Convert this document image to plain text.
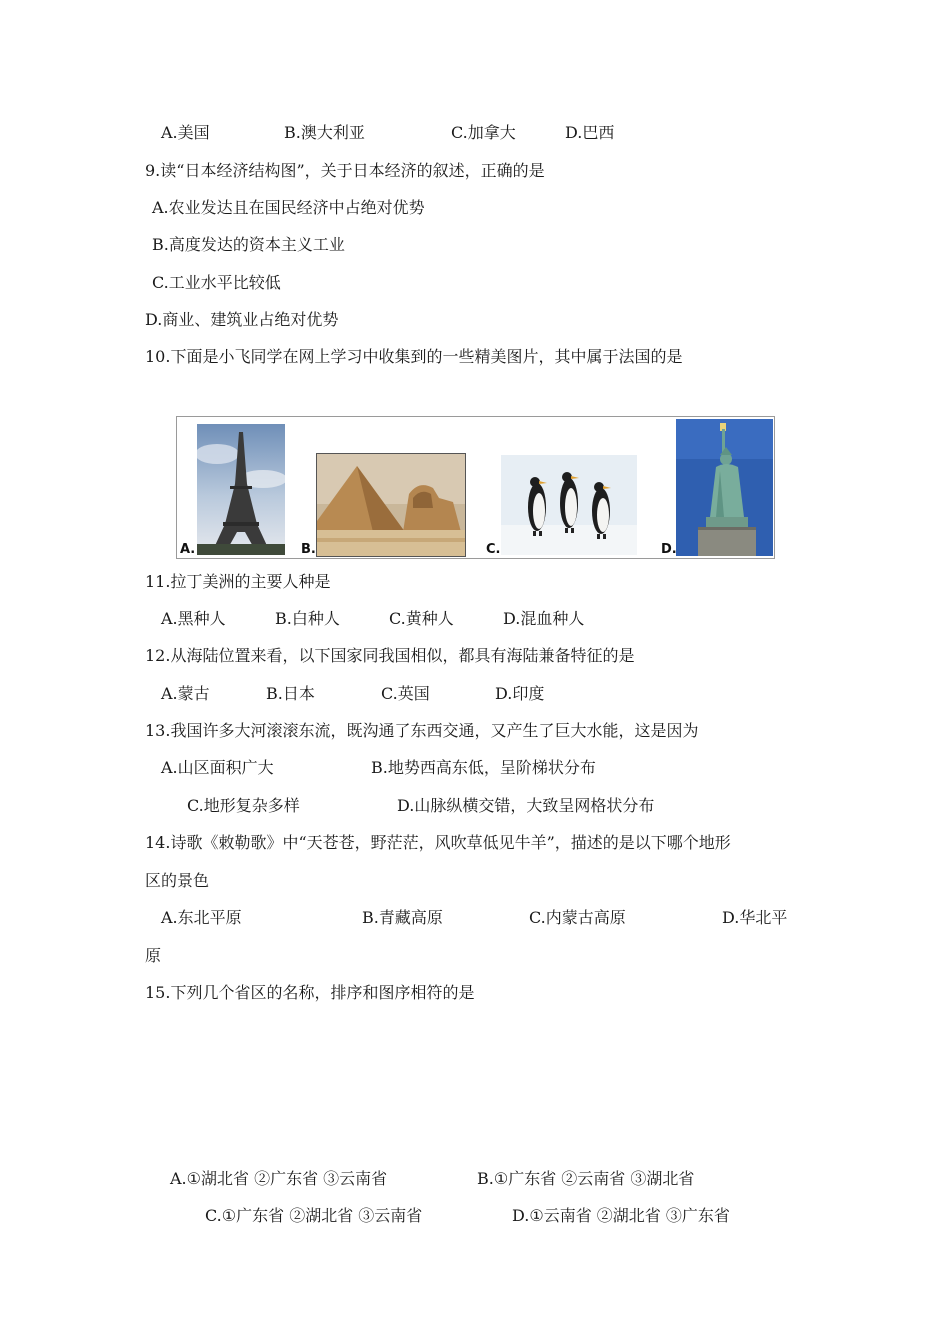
A.美国	B.澳大利亚	C.加拿大	D.巴西
9.读“日本经济结构图”，关于日本经济的叙述，正确的是
A.农业发达且在国民经济中占绝对优势
B.高度发达的资本主义工业
C.工业水平比较低
D.商业、建筑业占绝对优势
10.下面是小飞同学在网上学习中收集到的一些精美图片，其中属于法国的是
A.	B.	C.	D.
11.拉丁美洲的主要人种是
A.黑种人	B.白种人	C.黄种人	D.混血种人
12.从海陆位置来看，以下国家同我国相似，都具有海陆兼备特征的是
A.蒙古	B.日本	C.英国	D.印度
13.我国许多大河滚滚东流，既沟通了东西交通，又产生了巨大水能，这是因为
A.山区面积广大	B.地势西高东低，呈阶梯状分布
C.地形复杂多样	D.山脉纵横交错，大致呈网格状分布
14.诗歌《敕勒歌》中“天苍苍，野茫茫，风吹草低见牛羊”，描述的是以下哪个地形
区的景色
A.东北平原	B.青藏高原	C.内蒙古高原	D.华北平
原
15.下列几个省区的名称，排序和图序相符的是
A.①湖北省 ②广东省 ③云南省	B.①广东省 ②云南省 ③湖北省
C.①广东省 ②湖北省 ③云南省	D.①云南省 ②湖北省 ③广东省
